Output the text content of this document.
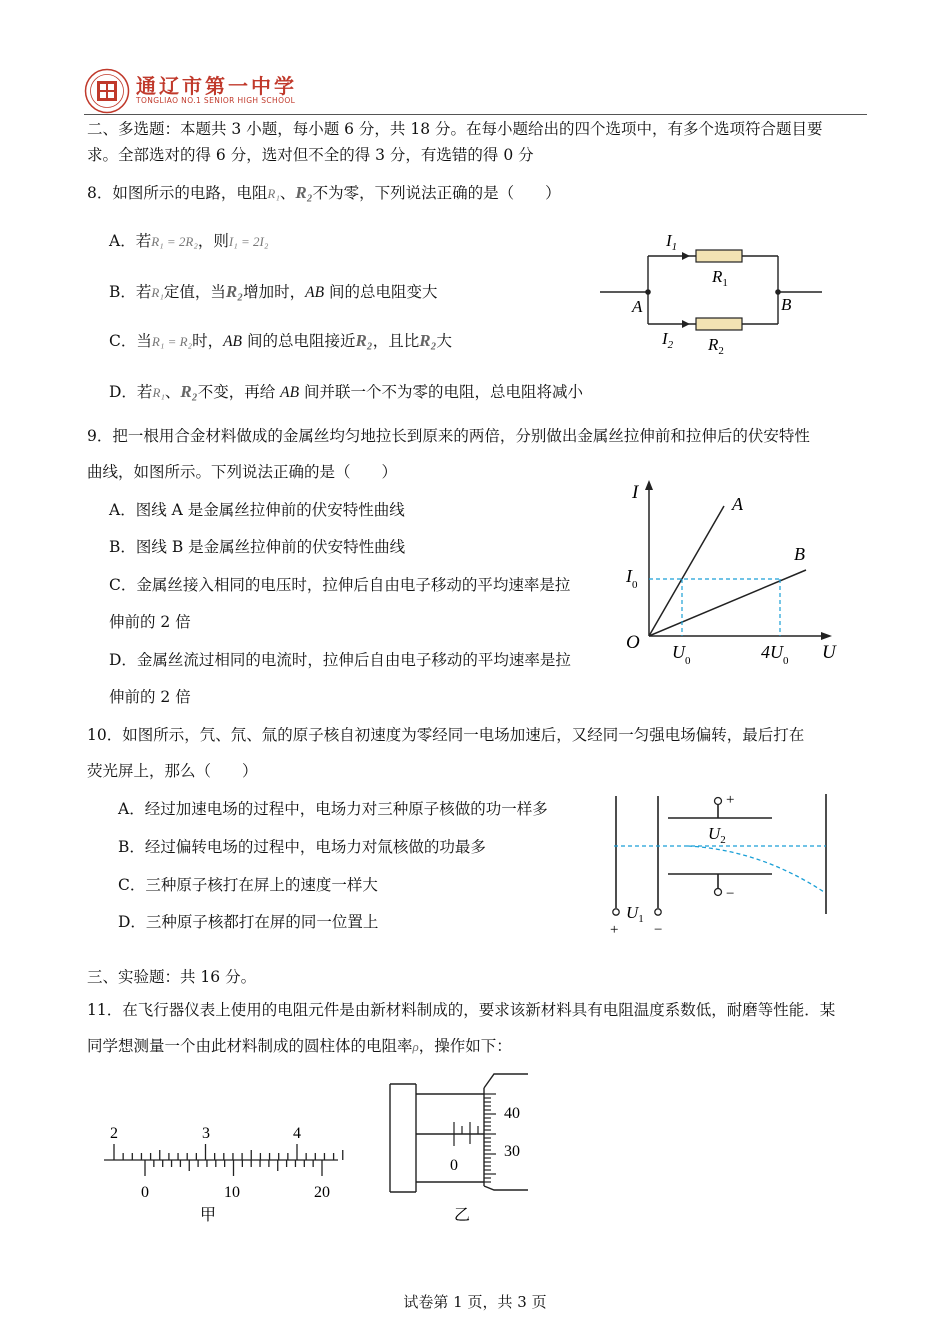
通辽市第一中学
TONGLIAO NO.1 SENIOR HIGH SCHOOL
二、多选题：本题共 3 小题，每小题 6 分，共 18 分。在每小题给出的四个选项中，有多个选项符合题目要
求。全部选对的得 6 分，选对但不全的得 3 分，有选错的得 0 分
8．如图所示的电路，电阻R₁、R₂不为零，下列说法正确的是（　　）
A．若R₁ = 2R₂，则I₁ = 2I₂
B．若R₁定值，当R₂增加时，AB 间的总电阻变大
C．当R₁ = R₂时，AB 间的总电阻接近R₂，且比R₂大
D．若R₁、R₂不变，再给 AB 间并联一个不为零的电阻，总电阻将减小
$I_1$
$I_2$
$R_1$
$R_2$
A	B
9．把一根用合金材料做成的金属丝均匀地拉长到原来的两倍，分别做出金属丝拉伸前和拉伸后的伏安特性
曲线，如图所示。下列说法正确的是（　　）
A．图线 A 是金属丝拉伸前的伏安特性曲线
B．图线 B 是金属丝拉伸前的伏安特性曲线
C．金属丝接入相同的电压时，拉伸后自由电子移动的平均速率是拉
伸前的 2 倍
D．金属丝流过相同的电流时，拉伸后自由电子移动的平均速率是拉
伸前的 2 倍
I
U
O
A
B
$I_0$
$U_0$	$4U_0$
10．如图所示，氕、氘、氚的原子核自初速度为零经同一电场加速后，又经同一匀强电场偏转，最后打在
荧光屏上，那么（　　）
A．经过加速电场的过程中，电场力对三种原子核做的功一样多
B．经过偏转电场的过程中，电场力对氚核做的功最多
C．三种原子核打在屏上的速度一样大
D．三种原子核都打在屏的同一位置上
+
−
$U_2$
$U_1$
+ −
三、实验题：共 16 分。
11．在飞行器仪表上使用的电阻元件是由新材料制成的，要求该新材料具有电阻温度系数低，耐磨等性能．某
同学想测量一个由此材料制成的圆柱体的电阻率ρ，操作如下：
2	3	4
0	10	20
甲
0
40
30
乙
试卷第 1 页，共 3 页
